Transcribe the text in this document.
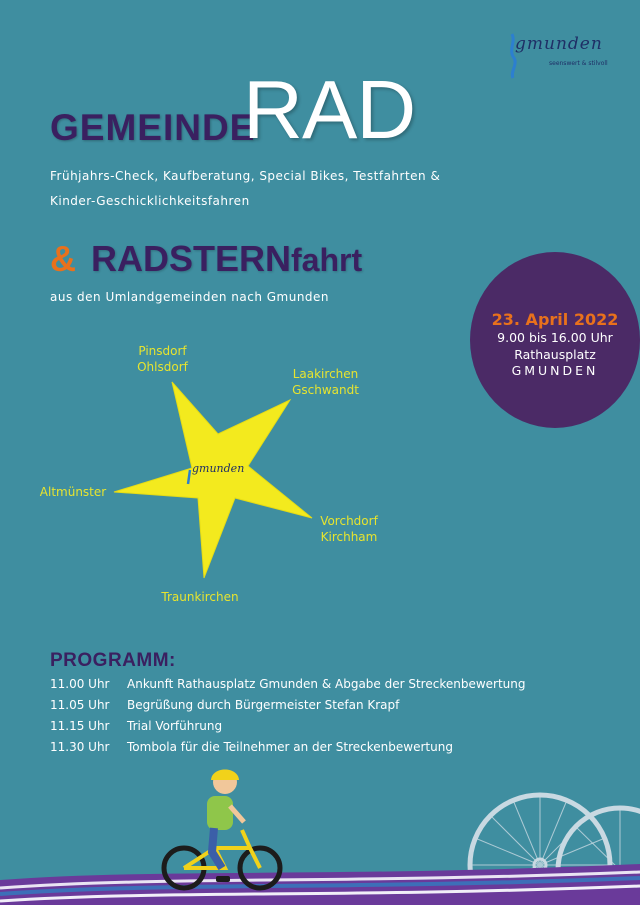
gmunden
seenswert & stilvoll
GEMEINDE
RAD
Frühjahrs-Check, Kaufberatung, Special Bikes, Testfahrten &
Kinder-Geschicklichkeitsfahren
& RADSTERNfahrt
aus den Umlandgemeinden nach Gmunden
23. April 2022
9.00 bis 16.00 Uhr
Rathausplatz
GMUNDEN
gmunden
Pinsdorf
Ohlsdorf	Laakirchen
Gschwandt
Altmünster
Vorchdorf
Kirchham
Traunkirchen
PROGRAMM:
11.00 Uhr Ankunft Rathausplatz Gmunden & Abgabe der Streckenbewertung
11.05 Uhr Begrüßung durch Bürgermeister Stefan Krapf
11.15 Uhr Trial Vorführung
11.30 Uhr Tombola für die Teilnehmer an der Streckenbewertung
